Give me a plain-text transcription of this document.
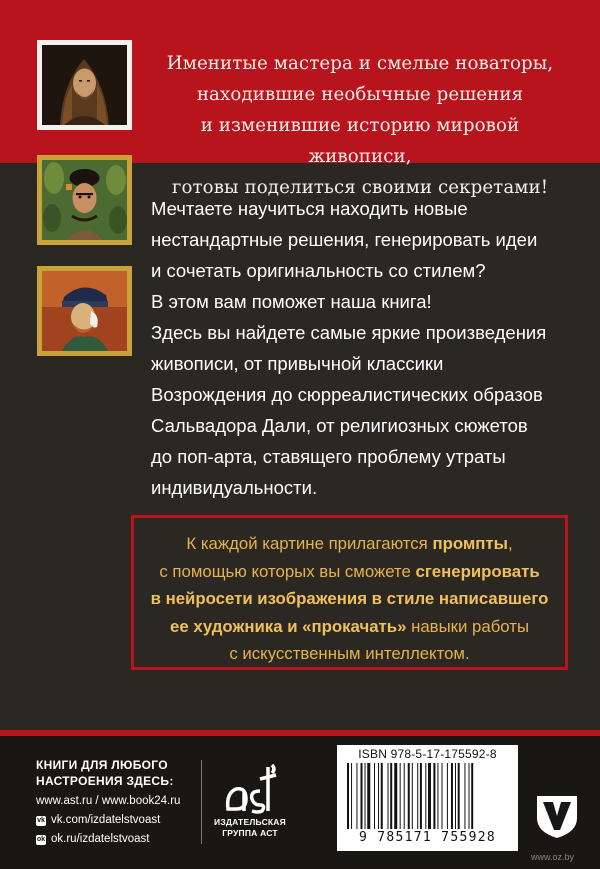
Именитые мастера и смелые новаторы,
находившие необычные решения
и изменившие историю мировой живописи,
готовы поделиться своими секретами!

Мечтаете научиться находить новые

нестандартные решения, генерировать идеи

и сочетать оригинальность со стилем?

В этом вам поможет наша книга!

Здесь вы найдете самые яркие произведения

живописи, от привычной классики

Возрождения до сюрреалистических образов

Сальвадора Дали, от религиозных сюжетов

до поп-арта, ставящего проблему утраты

индивидуальности.

К каждой картине прилагаются промпты,
с помощью которых вы сможете сгенерировать
в нейросети изображения в стиле написавшего
ее художника и «прокачать» навыки работы
с искусственным интеллектом.

КНИГИ ДЛЯ ЛЮБОГО

НАСТРОЕНИЯ ЗДЕСЬ:

www.ast.ru / www.book24.ru

vk vk.com/izdatelstvoast

ok ok.ru/izdatelstvoast

ИЗДАТЕЛЬСКАЯ

ГРУППА АСТ

ISBN 978-5-17-175592-8

9 785171 755928

www.oz.by
